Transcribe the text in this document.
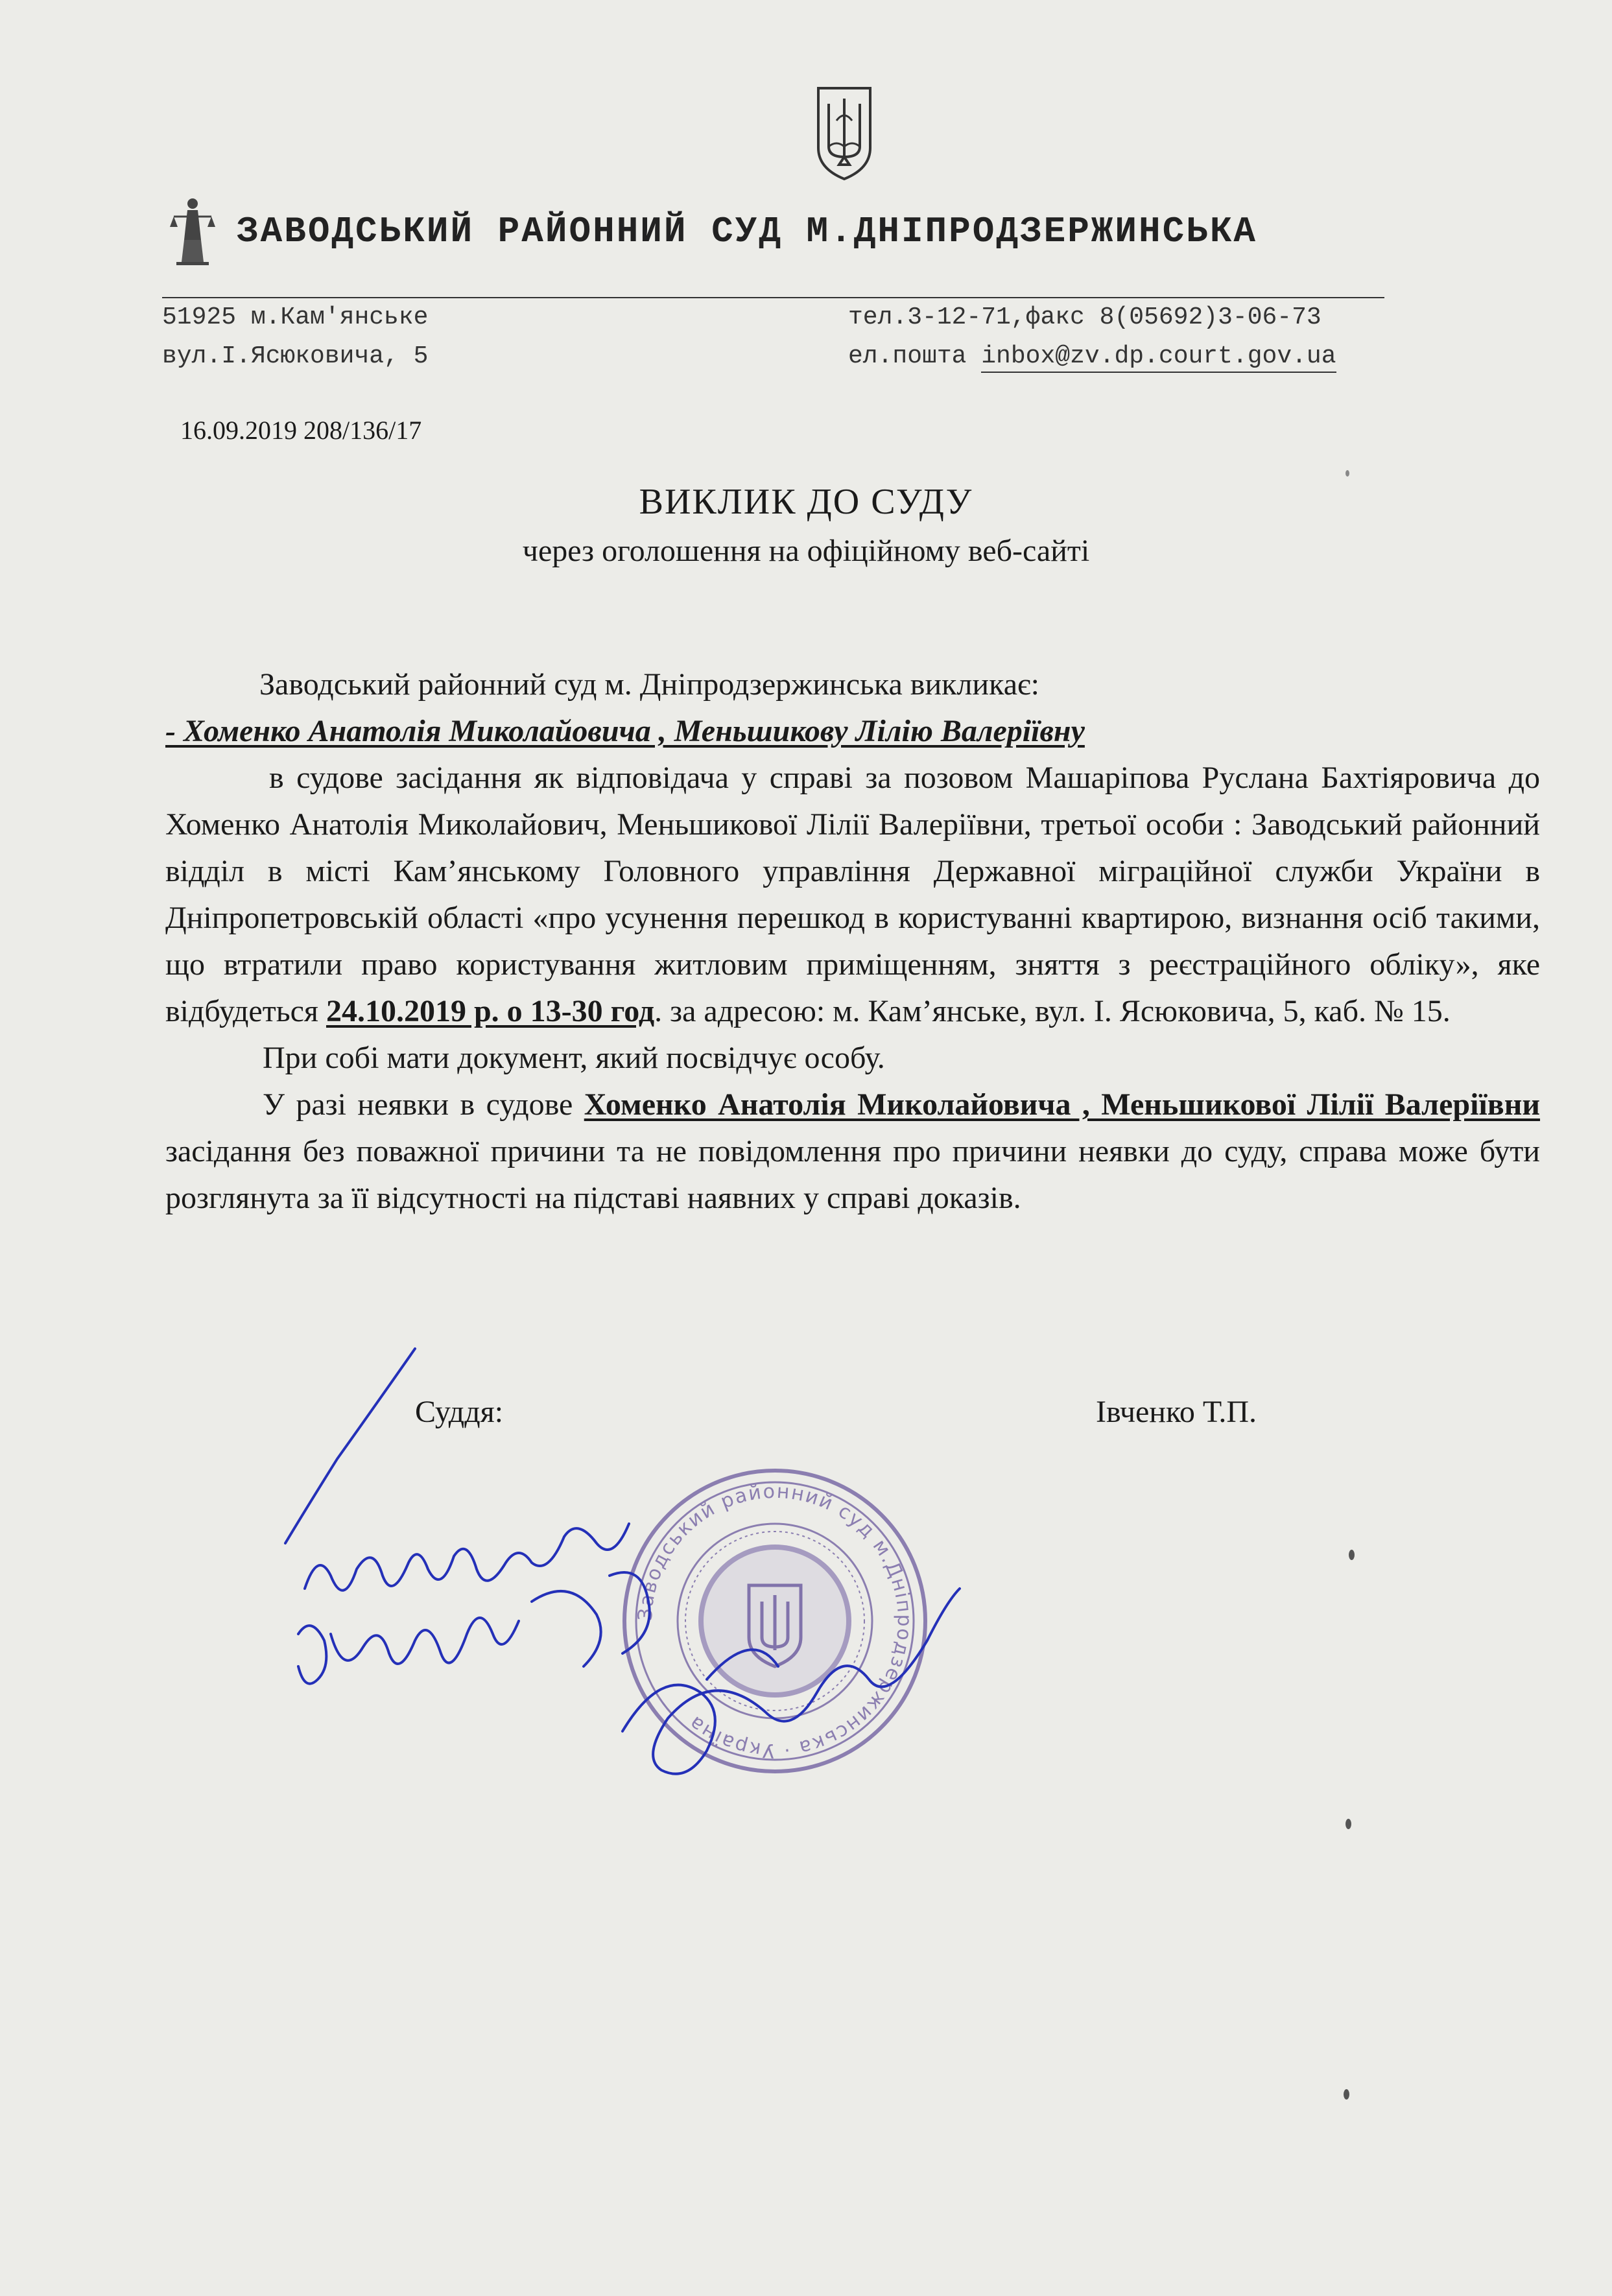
ЗАВОДСЬКИЙ РАЙОННИЙ СУД М.ДНІПРОДЗЕРЖИНСЬКА
51925 м.Кам'янське
вул.І.Ясюковича, 5
тел.3-12-71,факс 8(05692)3-06-73
ел.пошта inbox@zv.dp.court.gov.ua
16.09.2019 208/136/17
ВИКЛИК ДО СУДУ
через оголошення на офіційному веб-сайті

Заводський районний суд м. Дніпродзержинська викликає:

- Хоменко Анатолія Миколайовича , Меньшикову Лілію Валеріївну

в судове засідання як відповідача у справі за позовом Машаріпова Руслана Бахтіяровича до Хоменко Анатолія Миколайович, Меньшикової Лілії Валеріївни, третьої особи : Заводський районний відділ в місті Кам’янському Головного управління Державної міграційної служби України в Дніпропетровській області «про усунення перешкод в користуванні квартирою, визнання осіб такими, що втратили право користування житловим приміщенням, зняття з реєстраційного обліку», яке відбудеться 24.10.2019 р. о 13-30 год. за адресою: м. Кам’янське, вул. І. Ясюковича, 5, каб. № 15.

При собі мати документ, який посвідчує особу.

У разі неявки в судове Хоменко Анатолія Миколайовича , Меньшикової Лілії Валеріївни засідання без поважної причини та не повідомлення про причини неявки до суду, справа може бути розглянута за її відсутності на підставі наявних у справі доказів.

Суддя:	Івченко Т.П.
Заводський районний суд м.Дніпродзержинська · Україна
